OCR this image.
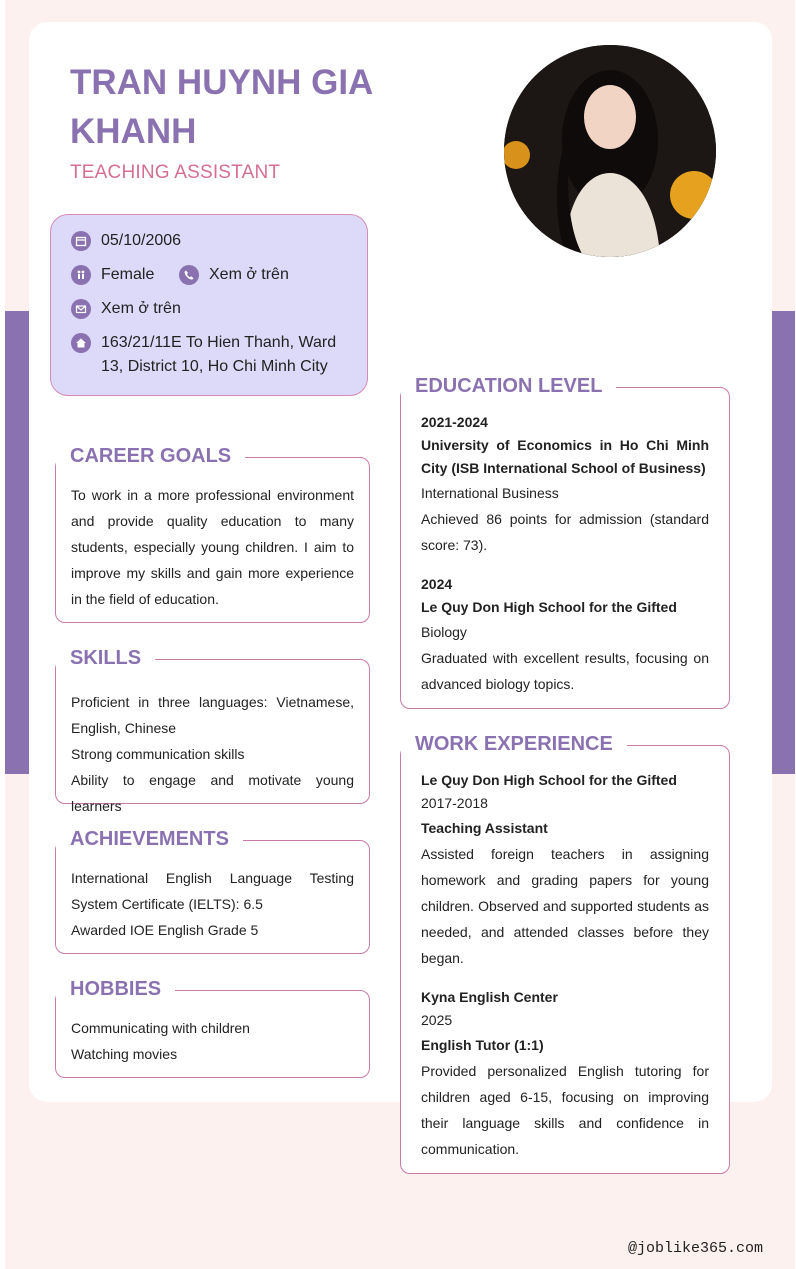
TRAN HUYNH GIA KHANH
TEACHING ASSISTANT
05/10/2006
Female	Xem ở trên
Xem ở trên
163/21/11E To Hien Thanh, Ward 13, District 10, Ho Chi Minh City
CAREER GOALS
To work in a more professional environment and provide quality education to many students, especially young children. I aim to improve my skills and gain more experience in the field of education.
SKILLS

Proficient in three languages: Vietnamese, English, Chinese

Strong communication skills

Ability to engage and motivate young learners

ACHIEVEMENTS

International English Language Testing System Certificate (IELTS): 6.5

Awarded IOE English Grade 5

HOBBIES

Communicating with children

Watching movies

EDUCATION LEVEL

2021-2024

University of Economics in Ho Chi Minh City (ISB International School of Business)

International Business

Achieved 86 points for admission (standard score: 73).

2024

Le Quy Don High School for the Gifted

Biology

Graduated with excellent results, focusing on advanced biology topics.

WORK EXPERIENCE

Le Quy Don High School for the Gifted

2017-2018

Teaching Assistant

Assisted foreign teachers in assigning homework and grading papers for young children. Observed and supported students as needed, and attended classes before they began.

Kyna English Center

2025

English Tutor (1:1)

Provided personalized English tutoring for children aged 6-15, focusing on improving their language skills and confidence in communication.

@joblike365.com
